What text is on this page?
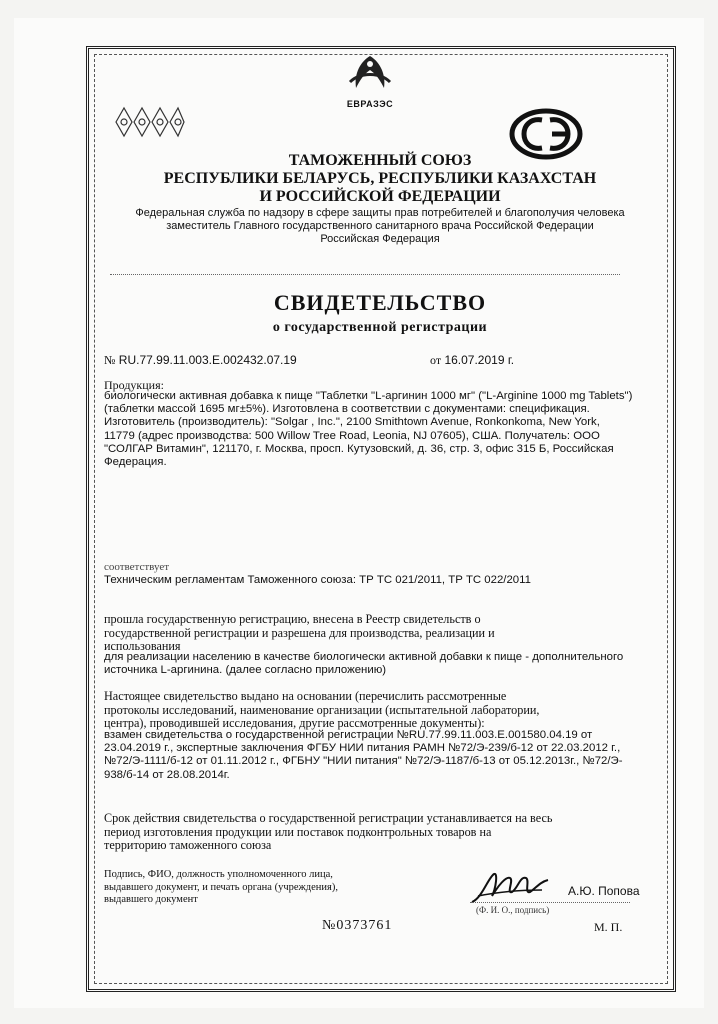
ЕВРАЗЭС
ТАМОЖЕННЫЙ СОЮЗ
РЕСПУБЛИКИ БЕЛАРУСЬ, РЕСПУБЛИКИ КАЗАХСТАН
И РОССИЙСКОЙ ФЕДЕРАЦИИ
Федеральная служба по надзору в сфере защиты прав потребителей и благополучия человека
заместитель Главного государственного санитарного врача Российской Федерации
Российская Федерация
СВИДЕТЕЛЬСТВО
о государственной регистрации
№ RU.77.99.11.003.Е.002432.07.19	от 16.07.2019 г.
Продукция:
биологически активная добавка к пище "Таблетки "L-аргинин 1000 мг" ("L-Arginine 1000 mg Tablets")
(таблетки массой 1695 мг±5%). Изготовлена в соответствии с документами: спецификация.
Изготовитель (производитель): "Solgar , Inc.", 2100 Smithtown Avenue, Ronkonkoma, New York,
11779 (адрес производства: 500 Willow Tree Road, Leonia, NJ 07605), США. Получатель: ООО
"СОЛГАР Витамин", 121170, г. Москва, просп. Кутузовский, д. 36, стр. 3, офис 315 Б, Российская
Федерация.
соответствует
Техническим регламентам Таможенного союза: ТР ТС 021/2011, ТР ТС 022/2011
прошла государственную регистрацию, внесена в Реестр свидетельств о
государственной регистрации и разрешена для производства, реализации и
использования
для реализации населению в качестве биологически активной добавки к пище - дополнительного
источника L-аргинина. (далее согласно приложению)
Настоящее свидетельство выдано на основании (перечислить рассмотренные
протоколы исследований, наименование организации (испытательной лаборатории,
центра), проводившей исследования, другие рассмотренные документы):
взамен свидетельства о государственной регистрации №RU.77.99.11.003.Е.001580.04.19 от
23.04.2019 г., экспертные заключения ФГБУ НИИ питания РАМН №72/Э-239/б-12 от 22.03.2012 г.,
№72/Э-1111/б-12 от 01.11.2012 г., ФГБНУ "НИИ питания" №72/Э-1187/б-13 от 05.12.2013г., №72/Э-
938/б-14 от 28.08.2014г.
Срок действия свидетельства о государственной регистрации устанавливается на весь
период изготовления продукции или поставок подконтрольных товаров на
территорию таможенного союза
Подпись, ФИО, должность уполномоченного лица,
выдавшего документ, и печать органа (учреждения),
выдавшего документ
А.Ю. Попова
(Ф. И. О., подпись)
№0373761	М. П.
